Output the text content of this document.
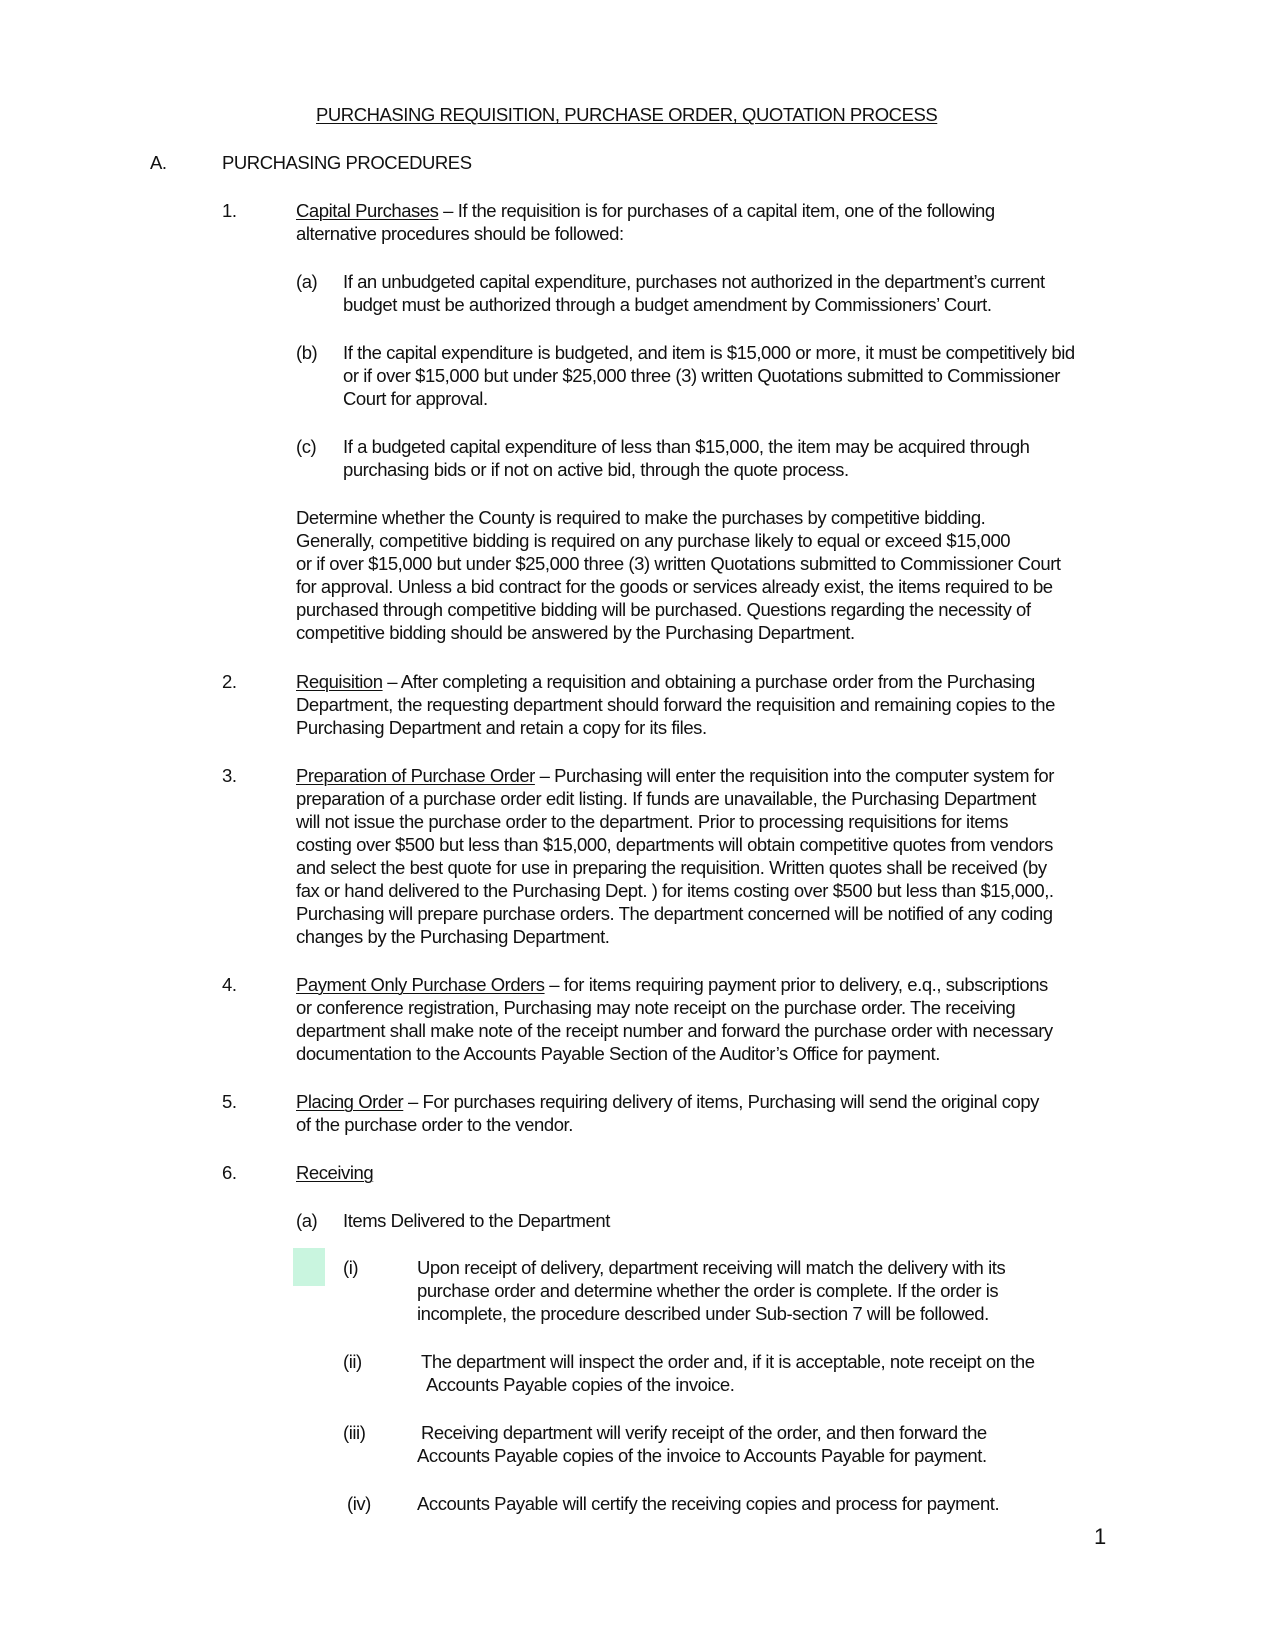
PURCHASING REQUISITION, PURCHASE ORDER, QUOTATION PROCESS
A.	PURCHASING PROCEDURES
1.	Capital Purchases – If the requisition is for purchases of a capital item, one of the following
alternative procedures should be followed:
(a) If an unbudgeted capital expenditure, purchases not authorized in the department’s current
budget must be authorized through a budget amendment by Commissioners’ Court.
(b) If the capital expenditure is budgeted, and item is $15,000 or more, it must be competitively bid
or if over $15,000 but under $25,000 three (3) written Quotations submitted to Commissioner
Court for approval.
(c) If a budgeted capital expenditure of less than $15,000, the item may be acquired through
purchasing bids or if not on active bid, through the quote process.
Determine whether the County is required to make the purchases by competitive bidding.
Generally, competitive bidding is required on any purchase likely to equal or exceed $15,000
or if over $15,000 but under $25,000 three (3) written Quotations submitted to Commissioner Court
for approval. Unless a bid contract for the goods or services already exist, the items required to be
purchased through competitive bidding will be purchased. Questions regarding the necessity of
competitive bidding should be answered by the Purchasing Department.
2.	Requisition – After completing a requisition and obtaining a purchase order from the Purchasing
Department, the requesting department should forward the requisition and remaining copies to the
Purchasing Department and retain a copy for its files.
3.	Preparation of Purchase Order – Purchasing will enter the requisition into the computer system for
preparation of a purchase order edit listing. If funds are unavailable, the Purchasing Department
will not issue the purchase order to the department. Prior to processing requisitions for items
costing over $500 but less than $15,000, departments will obtain competitive quotes from vendors
and select the best quote for use in preparing the requisition. Written quotes shall be received (by
fax or hand delivered to the Purchasing Dept. ) for items costing over $500 but less than $15,000,.
Purchasing will prepare purchase orders. The department concerned will be notified of any coding
changes by the Purchasing Department.
4.	Payment Only Purchase Orders – for items requiring payment prior to delivery, e.q., subscriptions
or conference registration, Purchasing may note receipt on the purchase order. The receiving
department shall make note of the receipt number and forward the purchase order with necessary
documentation to the Accounts Payable Section of the Auditor’s Office for payment.
5.	Placing Order – For purchases requiring delivery of items, Purchasing will send the original copy
of the purchase order to the vendor.
6.	Receiving
(a) Items Delivered to the Department
(i)	Upon receipt of delivery, department receiving will match the delivery with its
purchase order and determine whether the order is complete. If the order is
incomplete, the procedure described under Sub-section 7 will be followed.
(ii)	The department will inspect the order and, if it is acceptable, note receipt on the
Accounts Payable copies of the invoice.
(iii)	Receiving department will verify receipt of the order, and then forward the
Accounts Payable copies of the invoice to Accounts Payable for payment.
(iv) Accounts Payable will certify the receiving copies and process for payment.
1
